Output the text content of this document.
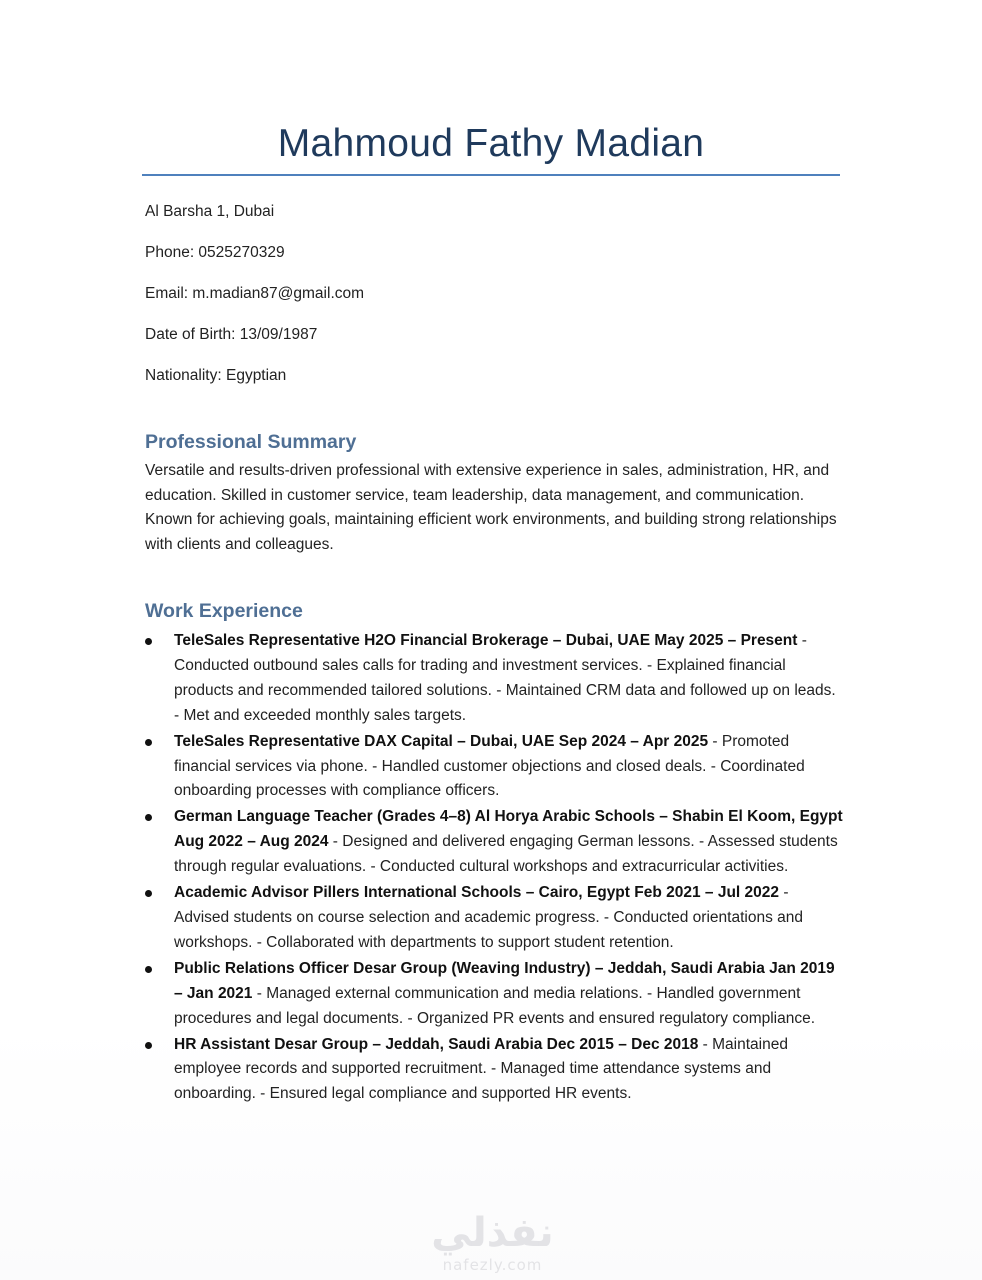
Mahmoud Fathy Madian
Al Barsha 1, Dubai
Phone: 0525270329
Email: m.madian87@gmail.com
Date of Birth: 13/09/1987
Nationality: Egyptian
Professional Summary
Versatile and results-driven professional with extensive experience in sales, administration, HR, and education. Skilled in customer service, team leadership, data management, and communication. Known for achieving goals, maintaining efficient work environments, and building strong relationships with clients and colleagues.
Work Experience
TeleSales Representative H2O Financial Brokerage – Dubai, UAE May 2025 – Present - Conducted outbound sales calls for trading and investment services. - Explained financial products and recommended tailored solutions. - Maintained CRM data and followed up on leads. - Met and exceeded monthly sales targets.
TeleSales Representative DAX Capital – Dubai, UAE Sep 2024 – Apr 2025 - Promoted financial services via phone. - Handled customer objections and closed deals. - Coordinated onboarding processes with compliance officers.
German Language Teacher (Grades 4–8) Al Horya Arabic Schools – Shabin El Koom, Egypt Aug 2022 – Aug 2024 - Designed and delivered engaging German lessons. - Assessed students through regular evaluations. - Conducted cultural workshops and extracurricular activities.
Academic Advisor Pillers International Schools – Cairo, Egypt Feb 2021 – Jul 2022 - Advised students on course selection and academic progress. - Conducted orientations and workshops. - Collaborated with departments to support student retention.
Public Relations Officer Desar Group (Weaving Industry) – Jeddah, Saudi Arabia Jan 2019 – Jan 2021 - Managed external communication and media relations. - Handled government procedures and legal documents. - Organized PR events and ensured regulatory compliance.
HR Assistant Desar Group – Jeddah, Saudi Arabia Dec 2015 – Dec 2018 - Maintained employee records and supported recruitment. - Managed time attendance systems and onboarding. - Ensured legal compliance and supported HR events.
نفذلي
nafezly.com
